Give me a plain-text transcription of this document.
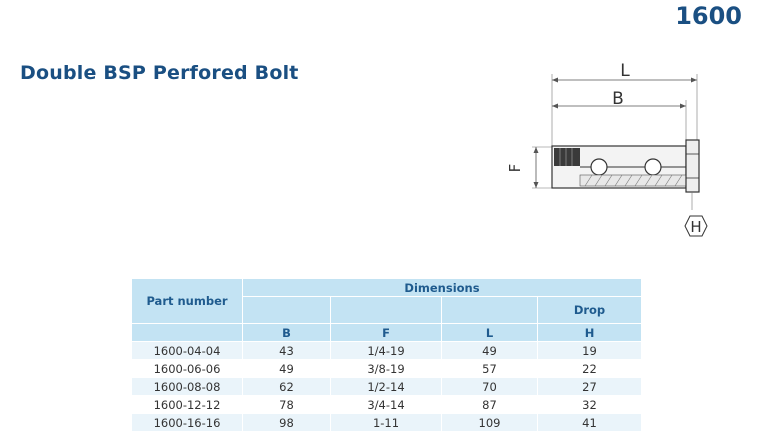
1600
Double BSP Perfored Bolt	L
B
F
H
Part number	Dimensions			
				Drop
	B	F	L	H
1600-04-04	43	1/4-19	49	19
1600-06-06	49	3/8-19	57	22
1600-08-08	62	1/2-14	70	27
1600-12-12	78	3/4-14	87	32
1600-16-16	98	1-11	109	41
